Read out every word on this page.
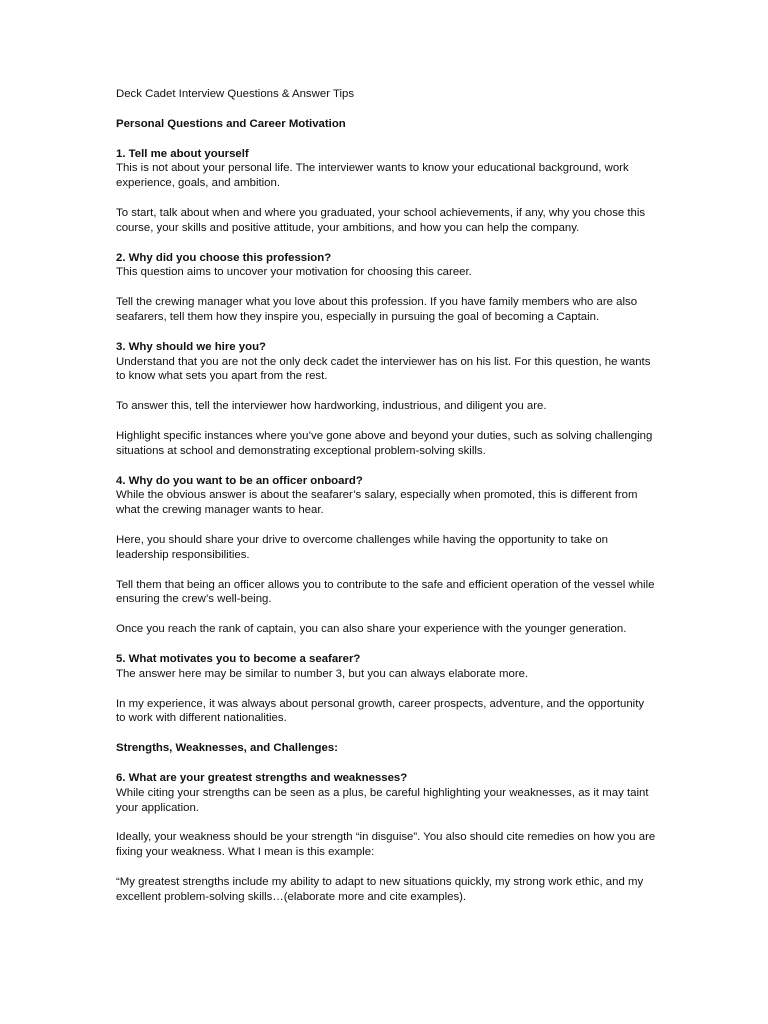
Deck Cadet Interview Questions & Answer Tips

Personal Questions and Career Motivation

1. Tell me about yourself

This is not about your personal life. The interviewer wants to know your educational background, work experience, goals, and ambition.

To start, talk about when and where you graduated, your school achievements, if any, why you chose this course, your skills and positive attitude, your ambitions, and how you can help the company.

2. Why did you choose this profession?

This question aims to uncover your motivation for choosing this career.

Tell the crewing manager what you love about this profession. If you have family members who are also seafarers, tell them how they inspire you, especially in pursuing the goal of becoming a Captain.

3. Why should we hire you?

Understand that you are not the only deck cadet the interviewer has on his list. For this question, he wants to know what sets you apart from the rest.

To answer this, tell the interviewer how hardworking, industrious, and diligent you are.

Highlight specific instances where you’ve gone above and beyond your duties, such as solving challenging situations at school and demonstrating exceptional problem-solving skills.

4. Why do you want to be an officer onboard?

While the obvious answer is about the seafarer’s salary, especially when promoted, this is different from what the crewing manager wants to hear.

Here, you should share your drive to overcome challenges while having the opportunity to take on leadership responsibilities.

Tell them that being an officer allows you to contribute to the safe and efficient operation of the vessel while ensuring the crew’s well-being.

Once you reach the rank of captain, you can also share your experience with the younger generation.

5. What motivates you to become a seafarer?

The answer here may be similar to number 3, but you can always elaborate more.

In my experience, it was always about personal growth, career prospects, adventure, and the opportunity to work with different nationalities.

Strengths, Weaknesses, and Challenges:

6. What are your greatest strengths and weaknesses?

While citing your strengths can be seen as a plus, be careful highlighting your weaknesses, as it may taint your application.

Ideally, your weakness should be your strength “in disguise”. You also should cite remedies on how you are fixing your weakness. What I mean is this example:

“My greatest strengths include my ability to adapt to new situations quickly, my strong work ethic, and my excellent problem-solving skills…(elaborate more and cite examples).
